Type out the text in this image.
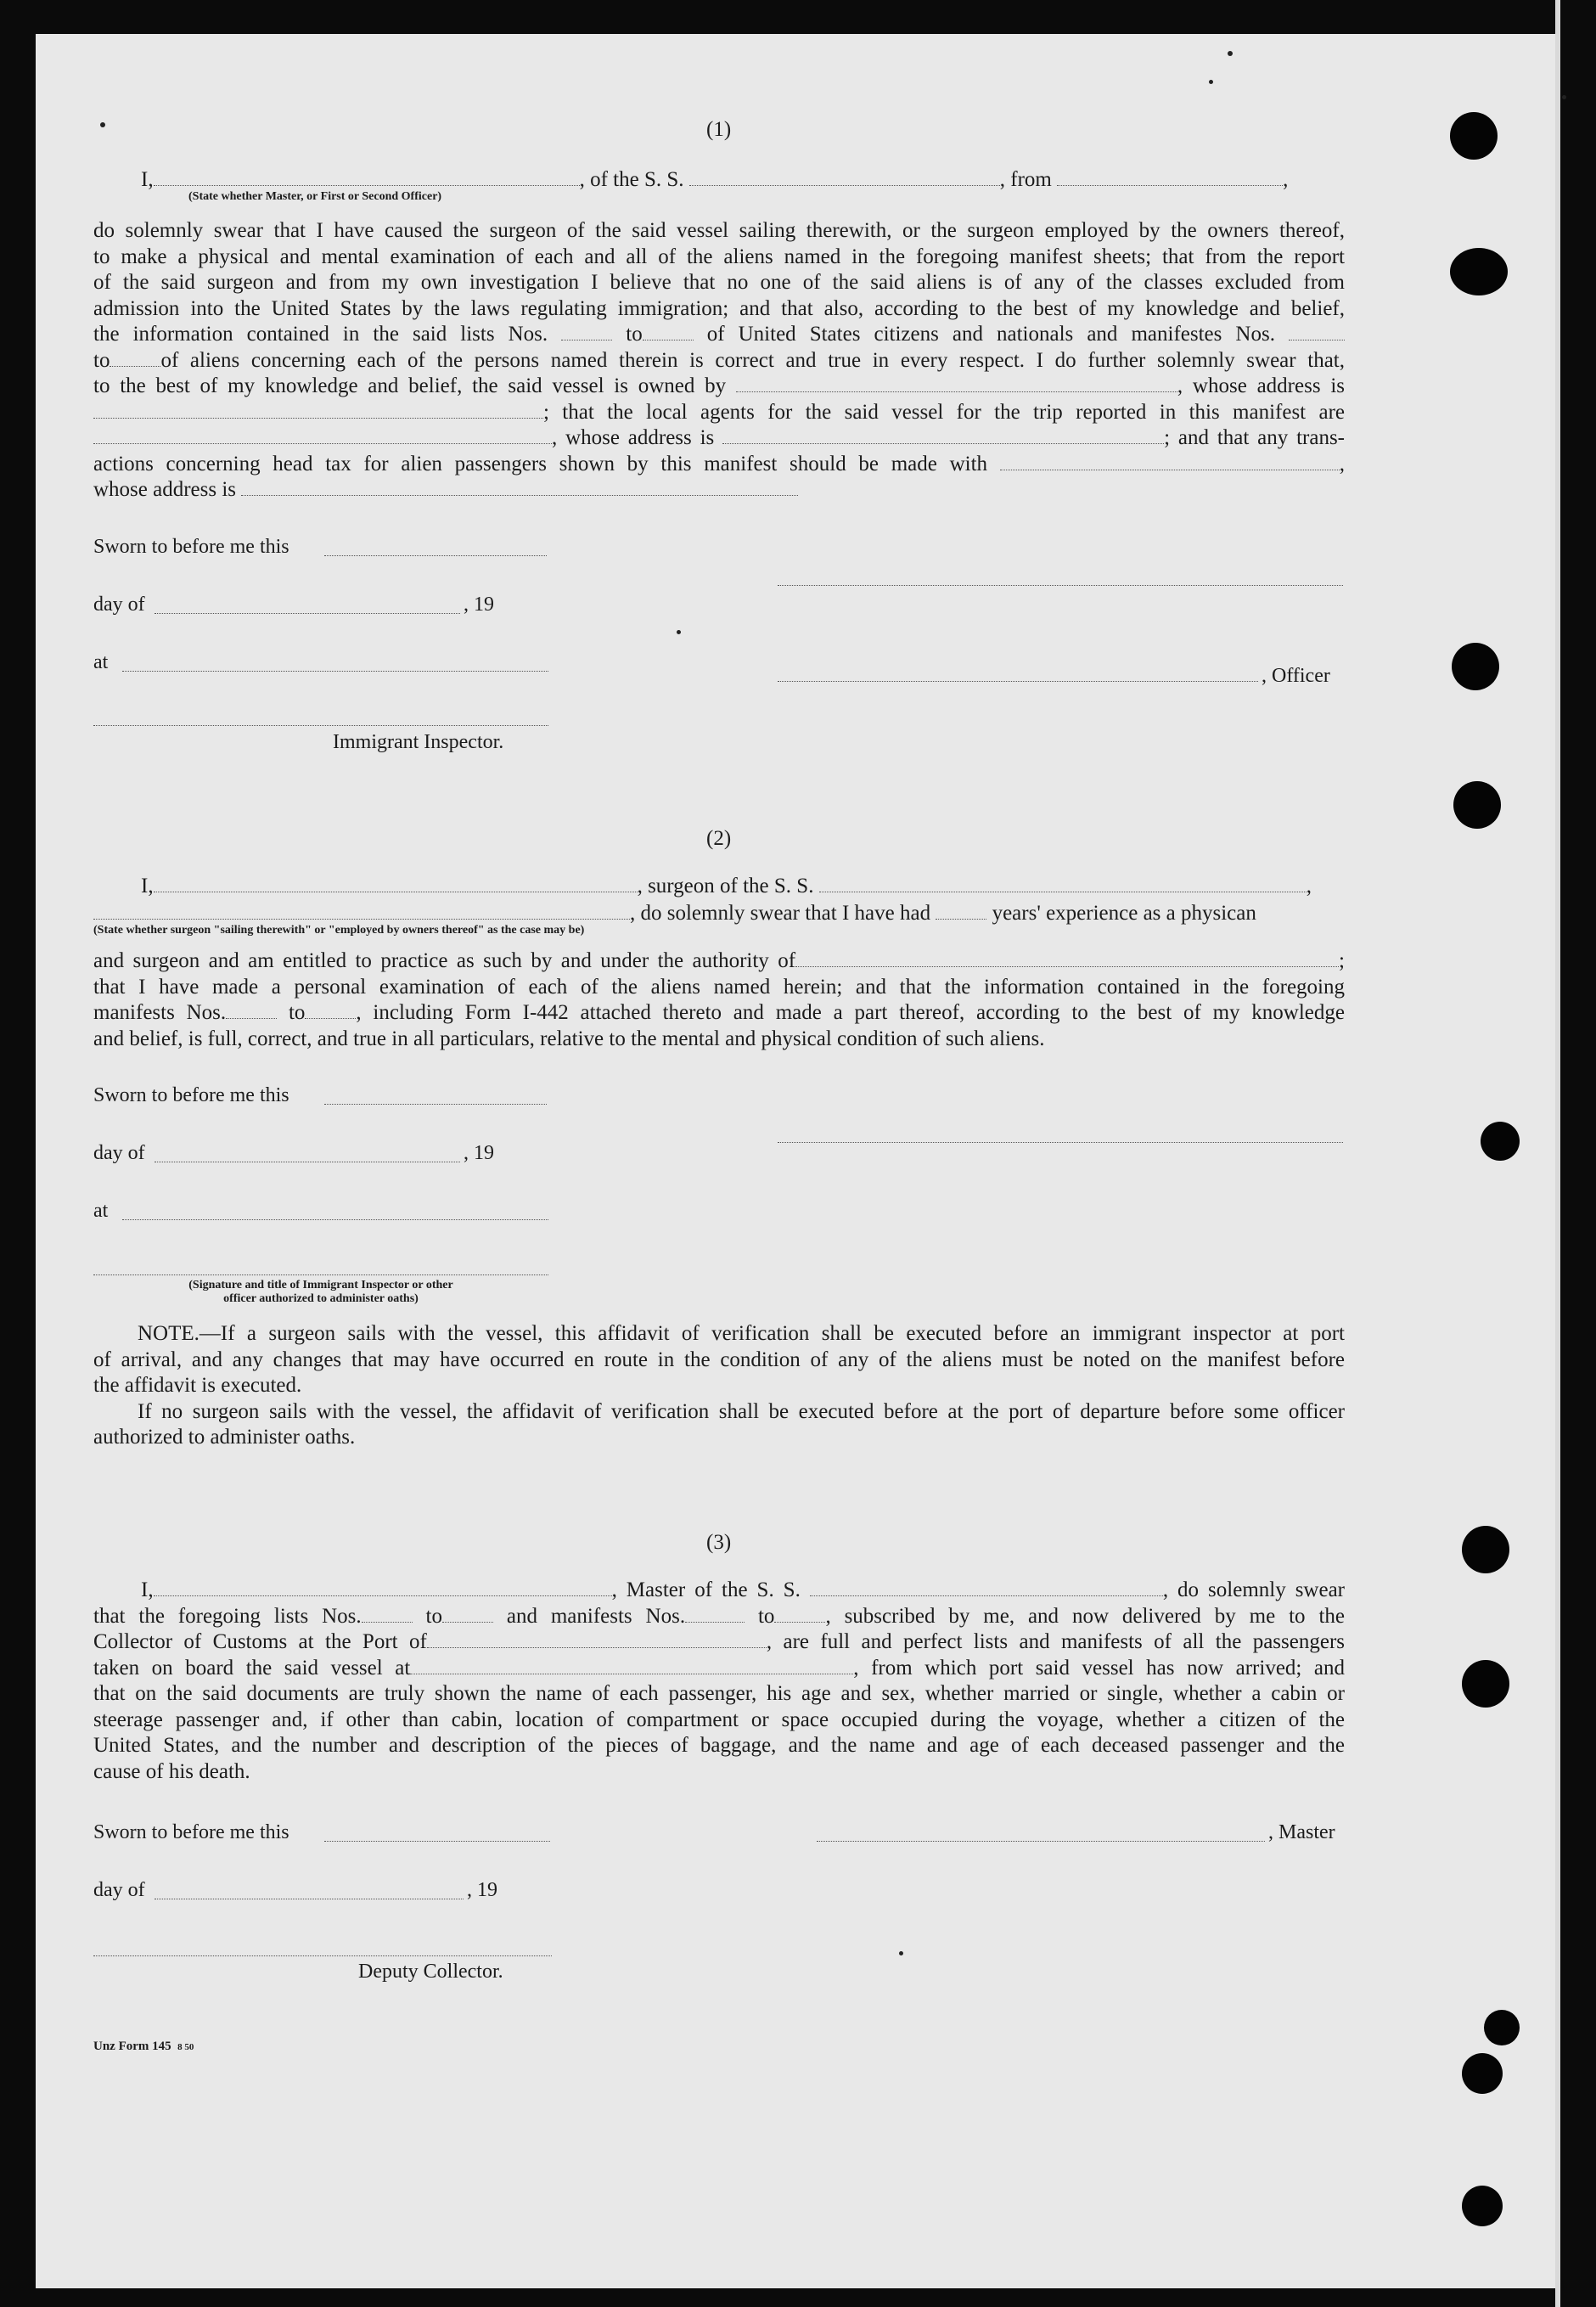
(1)
I,	, of the S. S.	, from	,
(State whether Master, or First or Second Officer)
do solemnly swear that I have caused the surgeon of the said vessel sailing therewith, or the surgeon employed by the owners thereof,
to make a physical and mental examination of each and all of the aliens named in the foregoing manifest sheets; that from the report
of the said surgeon and from my own investigation I believe that no one of the said aliens is of any of the classes excluded from
admission into the United States by the laws regulating immigration; and that also, according to the best of my knowledge and belief,
the information contained in the said lists Nos.	to	of United States citizens and nationals and manifestes Nos.
to of aliens concerning each of the persons named therein is correct and true in every respect. I do further solemnly swear that,
to the best of my knowledge and belief, the said vessel is owned by	, whose address is
; that the local agents for the said vessel for the trip reported in this manifest are
, whose address is	; and that any trans-
actions concerning head tax for alien passengers shown by this manifest should be made with	,
whose address is
Sworn to before me this
day of	, 19
at
, Officer
Immigrant Inspector.
(2)
I,	, surgeon of the S. S.	,
, do solemnly swear that I have had	years' experience as a physican
(State whether surgeon "sailing therewith" or "employed by owners thereof" as the case may be)
and surgeon and am entitled to practice as such by and under the authority of	;
that I have made a personal examination of each of the aliens named herein; and that the information contained in the foregoing
manifests Nos.	to , including Form I-442 attached thereto and made a part thereof, according to the best of my knowledge
and belief, is full, correct, and true in all particulars, relative to the mental and physical condition of such aliens.
Sworn to before me this
day of	, 19
at
(Signature and title of Immigrant Inspector or other
officer authorized to administer oaths)
NOTE.—If a surgeon sails with the vessel, this affidavit of verification shall be executed before an immigrant inspector at port
of arrival, and any changes that may have occurred en route in the condition of any of the aliens must be noted on the manifest before
the affidavit is executed.
If no surgeon sails with the vessel, the affidavit of verification shall be executed before at the port of departure before some officer
authorized to administer oaths.
(3)
I,	, Master of the S. S.	, do solemnly swear
that the foregoing lists Nos.	to	and manifests Nos.	to , subscribed by me, and now delivered by me to the
Collector of Customs at the Port of	, are full and perfect lists and manifests of all the passengers
taken on board the said vessel at	, from which port said vessel has now arrived; and
that on the said documents are truly shown the name of each passenger, his age and sex, whether married or single, whether a cabin or
steerage passenger and, if other than cabin, location of compartment or space occupied during the voyage, whether a citizen of the
United States, and the number and description of the pieces of baggage, and the name and age of each deceased passenger and the
cause of his death.
Sworn to before me this	, Master
day of	, 19
Deputy Collector.
Unz Form 145 8 50
